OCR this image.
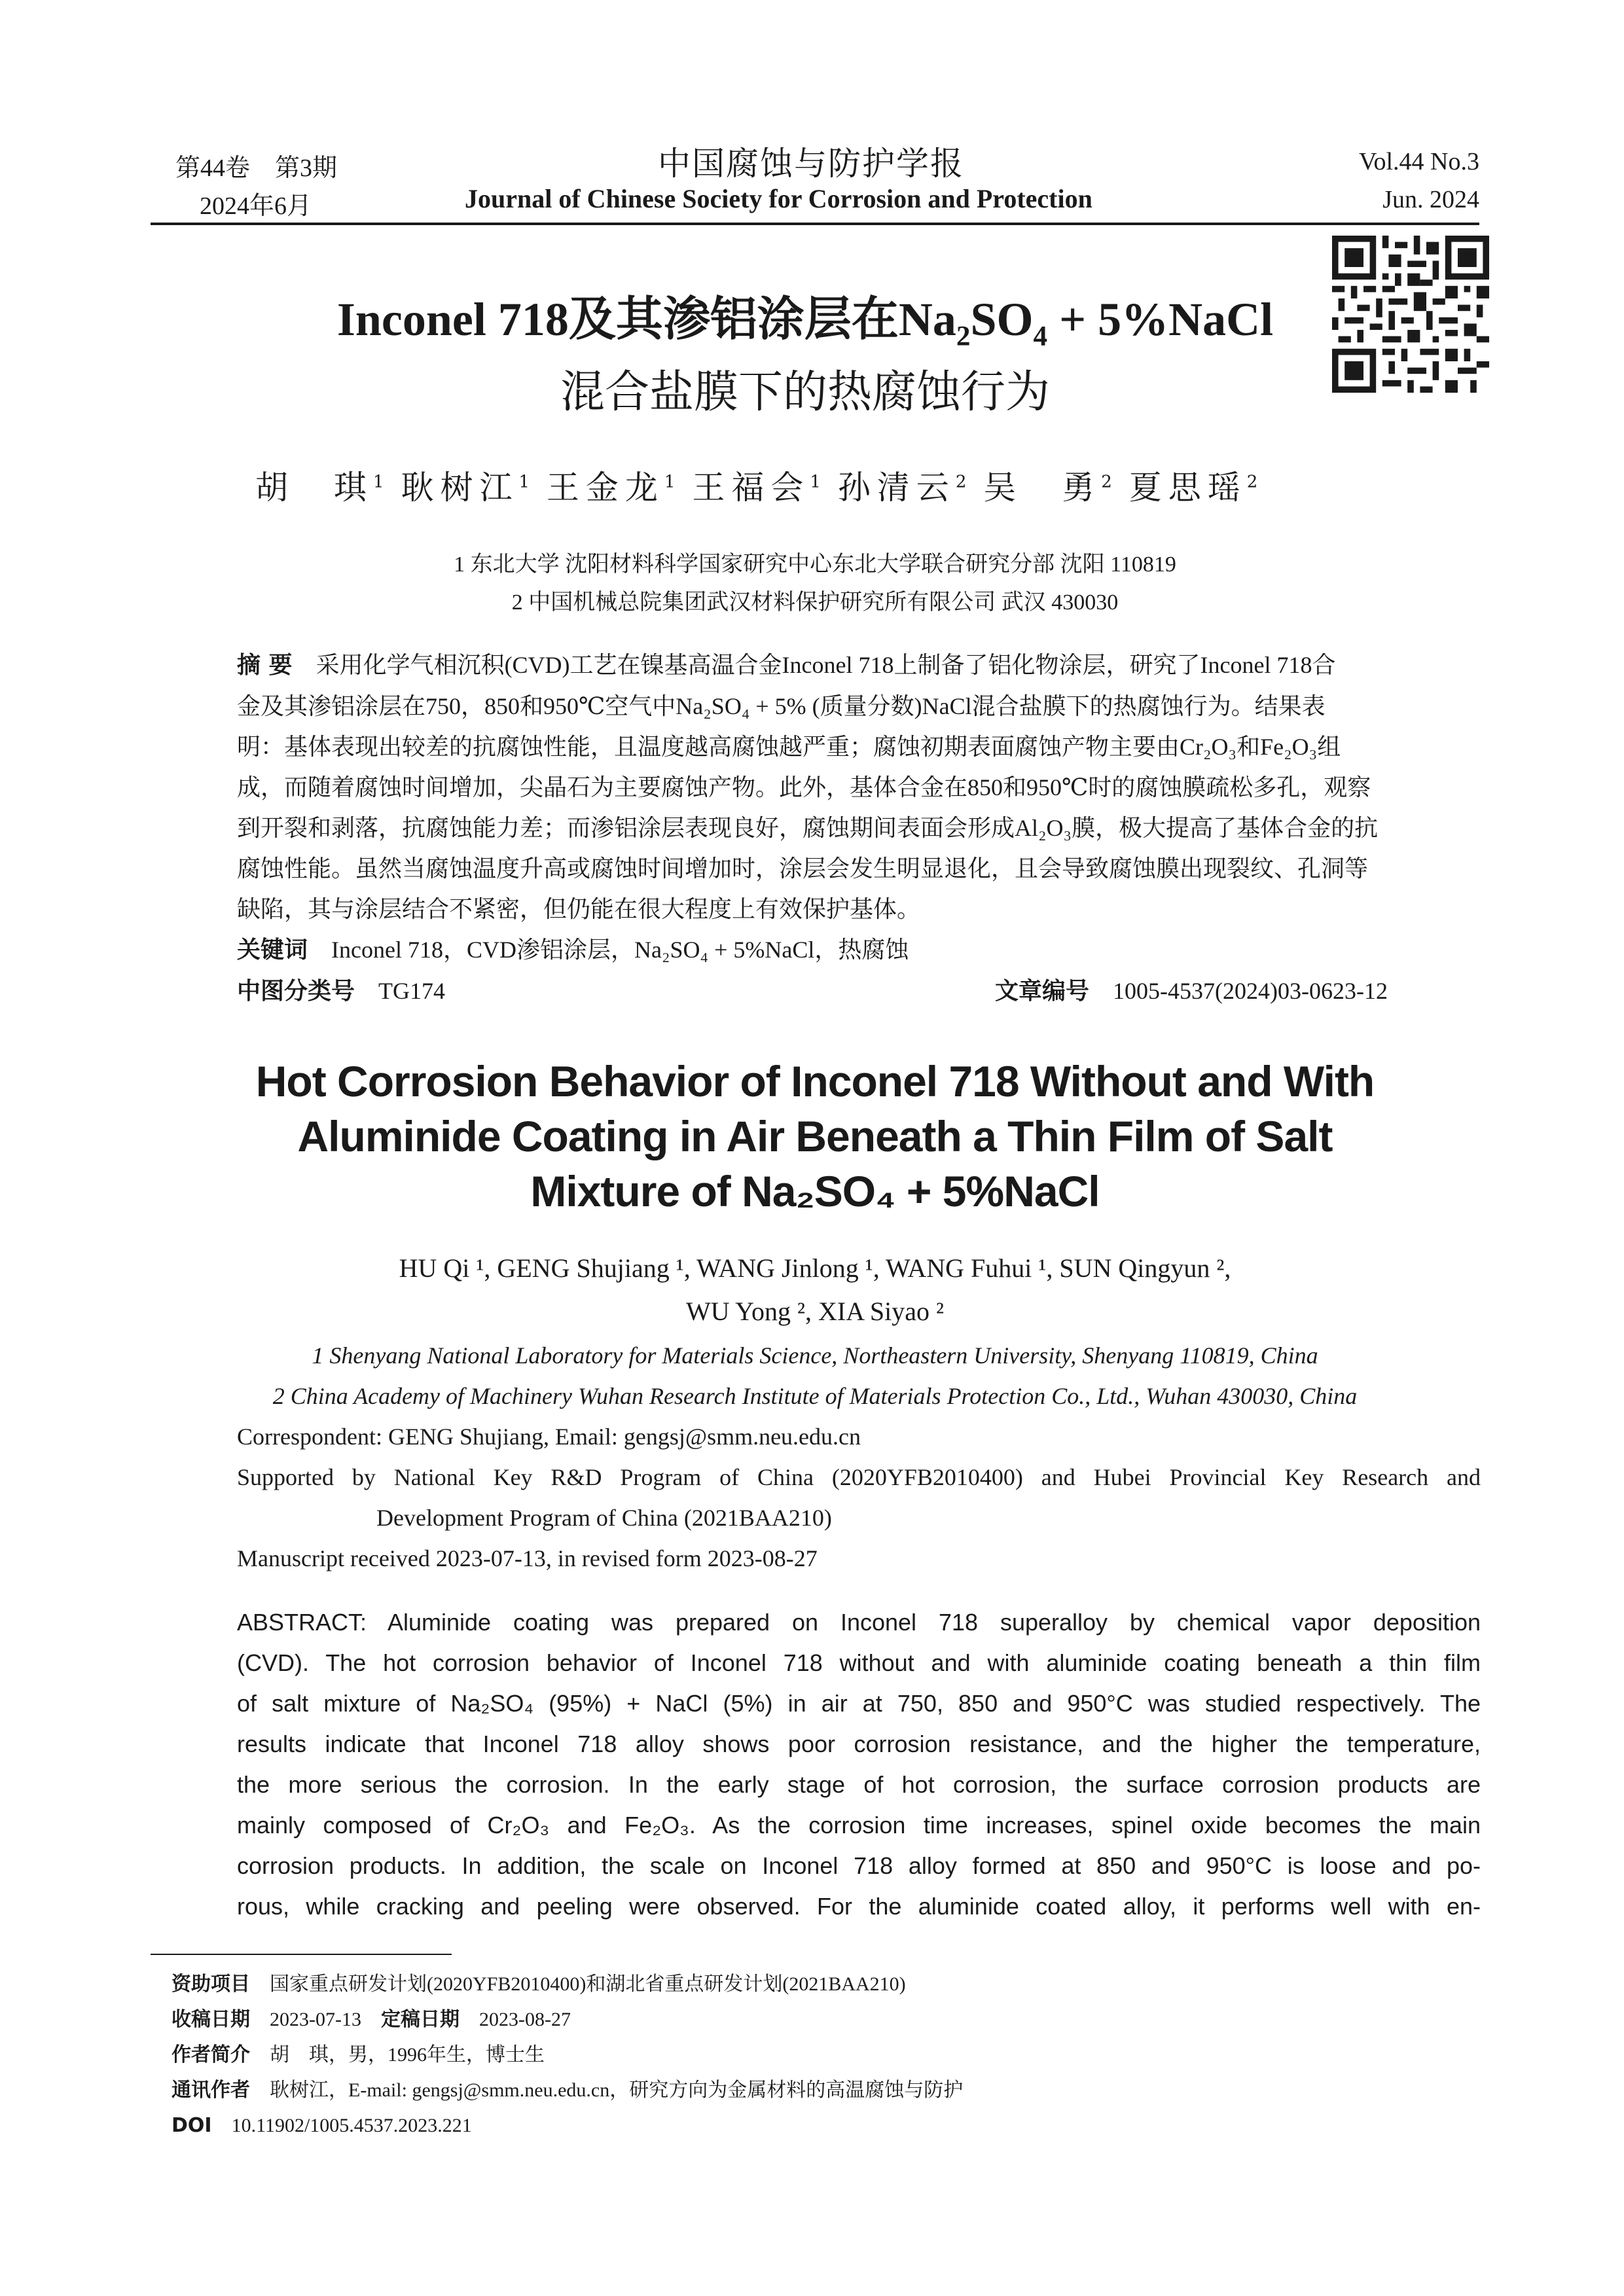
第44卷　第3期
2024年6月
中国腐蚀与防护学报
Journal of Chinese Society for Corrosion and Protection
Vol.44 No.3
Jun. 2024
Inconel 718及其渗铝涂层在$Na_2SO_4$ + 5%NaCl
混合盐膜下的热腐蚀行为
胡　琪$^1$ 耿树江$^1$ 王金龙$^1$ 王福会$^1$ 孙清云$^2$ 吴　勇$^2$ 夏思瑶$^2$
1 东北大学 沈阳材料科学国家研究中心东北大学联合研究分部 沈阳 110819
2 中国机械总院集团武汉材料保护研究所有限公司 武汉 430030
摘 要　 采用化学气相沉积(CVD)工艺在镍基高温合金Inconel 718上制备了铝化物涂层，研究了Inconel 718合
金及其渗铝涂层在750，850和950℃空气中Na₂SO₄ + 5% (质量分数)NaCl混合盐膜下的热腐蚀行为。结果表
明：基体表现出较差的抗腐蚀性能，且温度越高腐蚀越严重；腐蚀初期表面腐蚀产物主要由Cr₂O₃和Fe₂O₃组
成，而随着腐蚀时间增加，尖晶石为主要腐蚀产物。此外，基体合金在850和950℃时的腐蚀膜疏松多孔，观察
到开裂和剥落，抗腐蚀能力差；而渗铝涂层表现良好，腐蚀期间表面会形成Al₂O₃膜，极大提高了基体合金的抗
腐蚀性能。虽然当腐蚀温度升高或腐蚀时间增加时，涂层会发生明显退化，且会导致腐蚀膜出现裂纹、孔洞等
缺陷，其与涂层结合不紧密，但仍能在很大程度上有效保护基体。
关键词　 Inconel 718，CVD渗铝涂层，Na₂SO₄ + 5%NaCl，热腐蚀
中图分类号　 TG174	文章编号　 1005-4537(2024)03-0623-12
Hot Corrosion Behavior of Inconel 718 Without and With
Aluminide Coating in Air Beneath a Thin Film of Salt
Mixture of Na₂SO₄ + 5%NaCl
HU Qi ¹, GENG Shujiang ¹, WANG Jinlong ¹, WANG Fuhui ¹, SUN Qingyun ²,
WU Yong ², XIA Siyao ²
1 Shenyang National Laboratory for Materials Science, Northeastern University, Shenyang 110819, China
2 China Academy of Machinery Wuhan Research Institute of Materials Protection Co., Ltd., Wuhan 430030, China
Correspondent: GENG Shujiang, Email: gengsj@smm.neu.edu.cn
Supported by National Key R&D Program of China (2020YFB2010400) and Hubei Provincial Key Research and
Development Program of China (2021BAA210)
Manuscript received 2023-07-13, in revised form 2023-08-27
ABSTRACT: Aluminide coating was prepared on Inconel 718 superalloy by chemical vapor deposition
(CVD). The hot corrosion behavior of Inconel 718 without and with aluminide coating beneath a thin film
of salt mixture of Na₂SO₄ (95%) + NaCl (5%) in air at 750, 850 and 950°C was studied respectively. The
results indicate that Inconel 718 alloy shows poor corrosion resistance, and the higher the temperature,
the more serious the corrosion. In the early stage of hot corrosion, the surface corrosion products are
mainly composed of Cr₂O₃ and Fe₂O₃. As the corrosion time increases, spinel oxide becomes the main
corrosion products. In addition, the scale on Inconel 718 alloy formed at 850 and 950°C is loose and po-
rous, while cracking and peeling were observed. For the aluminide coated alloy, it performs well with en-
资助项目　 国家重点研发计划(2020YFB2010400)和湖北省重点研发计划(2021BAA210)
收稿日期　 2023-07-13　 定稿日期　 2023-08-27
作者简介　 胡　琪，男，1996年生，博士生
通讯作者　 耿树江，E-mail: gengsj@smm.neu.edu.cn，研究方向为金属材料的高温腐蚀与防护
DOI　 10.11902/1005.4537.2023.221
